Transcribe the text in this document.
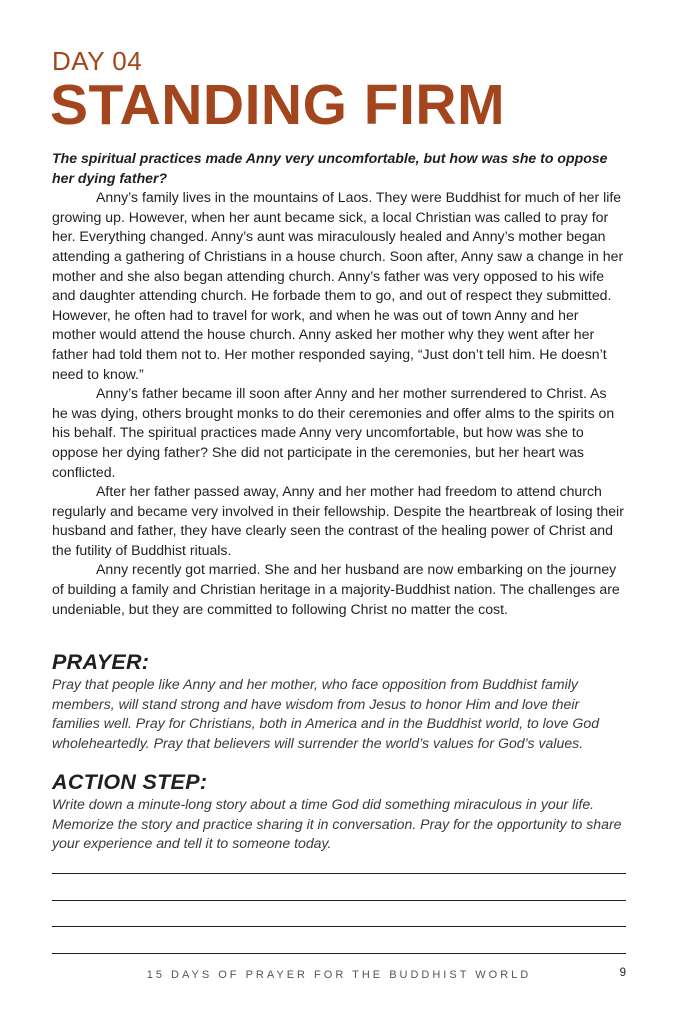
DAY 04
STANDING FIRM

The spiritual practices made Anny very uncomfortable, but how was she to oppose her dying father?

Anny’s family lives in the mountains of Laos. They were Buddhist for much of her life growing up. However, when her aunt became sick, a local Christian was called to pray for her. Everything changed. Anny’s aunt was miraculously healed and Anny’s mother began attending a gathering of Christians in a house church. Soon after, Anny saw a change in her mother and she also began attending church. Anny’s father was very opposed to his wife and daughter attending church. He forbade them to go, and out of respect they submitted. However, he often had to travel for work, and when he was out of town Anny and her mother would attend the house church. Anny asked her mother why they went after her father had told them not to. Her mother responded saying, “Just don’t tell him. He doesn’t need to know.”

Anny’s father became ill soon after Anny and her mother surrendered to Christ. As he was dying, others brought monks to do their ceremonies and offer alms to the spirits on his behalf. The spiritual practices made Anny very uncomfortable, but how was she to oppose her dying father? She did not participate in the ceremonies, but her heart was conflicted.

After her father passed away, Anny and her mother had freedom to attend church regularly and became very involved in their fellowship. Despite the heartbreak of losing their husband and father, they have clearly seen the contrast of the healing power of Christ and the futility of Buddhist rituals.

Anny recently got married. She and her husband are now embarking on the journey of building a family and Christian heritage in a majority-Buddhist nation. The challenges are undeniable, but they are committed to following Christ no matter the cost.

PRAYER:

Pray that people like Anny and her mother, who face opposition from Buddhist family members, will stand strong and have wisdom from Jesus to honor Him and love their families well. Pray for Christians, both in America and in the Buddhist world, to love God wholeheartedly. Pray that believers will surrender the world’s values for God’s values.

ACTION STEP:

Write down a minute-long story about a time God did something miraculous in your life. Memorize the story and practice sharing it in conversation. Pray for the opportunity to share your experience and tell it to someone today.

15 DAYS OF PRAYER FOR THE BUDDHIST WORLD	9
